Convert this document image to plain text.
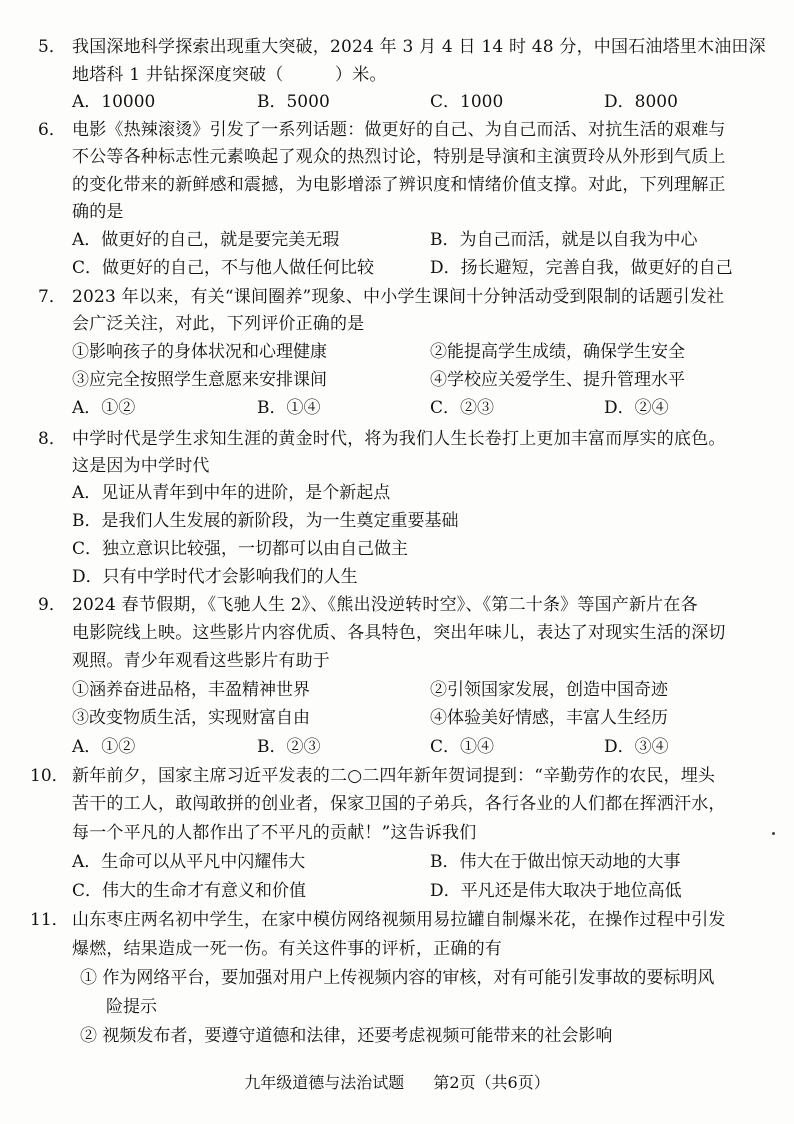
5． 我国深地科学探索出现重大突破，2024 年 3 月 4 日 14 时 48 分，中国石油塔里木油田深
地塔科 1 井钻探深度突破（　　　）米。
A．10000	B．5000	C．1000	D．8000
6． 电影《热辣滚烫》引发了一系列话题：做更好的自己、为自己而活、对抗生活的艰难与
不公等各种标志性元素唤起了观众的热烈讨论，特别是导演和主演贾玲从外形到气质上
的变化带来的新鲜感和震撼，为电影增添了辨识度和情绪价值支撑。对此，下列理解正
确的是
A．做更好的自己，就是要完美无瑕	B．为自己而活，就是以自我为中心
C．做更好的自己，不与他人做任何比较	D．扬长避短，完善自我，做更好的自己
7． 2023 年以来，有关“课间圈养”现象、中小学生课间十分钟活动受到限制的话题引发社
会广泛关注，对此，下列评价正确的是
①影响孩子的身体状况和心理健康	②能提高学生成绩，确保学生安全
③应完全按照学生意愿来安排课间	④学校应关爱学生、提升管理水平
A．①②	B．①④	C．②③	D．②④
8． 中学时代是学生求知生涯的黄金时代，将为我们人生长卷打上更加丰富而厚实的底色。
这是因为中学时代
A．见证从青年到中年的进阶，是个新起点
B．是我们人生发展的新阶段，为一生奠定重要基础
C．独立意识比较强，一切都可以由自己做主
D．只有中学时代才会影响我们的人生
9． 2024 春节假期，《飞驰人生 2》、《熊出没逆转时空》、《第二十条》等国产新片在各
电影院线上映。这些影片内容优质、各具特色，突出年味儿，表达了对现实生活的深切
观照。青少年观看这些影片有助于
①涵养奋进品格，丰盈精神世界	②引领国家发展，创造中国奇迹
③改变物质生活，实现财富自由	④体验美好情感，丰富人生经历
A．①②	B．②③	C．①④	D．③④
10． 新年前夕，国家主席习近平发表的二○二四年新年贺词提到：“辛勤劳作的农民，埋头
苦干的工人，敢闯敢拼的创业者，保家卫国的子弟兵，各行各业的人们都在挥洒汗水，
每一个平凡的人都作出了不平凡的贡献！”这告诉我们
A．生命可以从平凡中闪耀伟大	B．伟大在于做出惊天动地的大事
C．伟大的生命才有意义和价值	D．平凡还是伟大取决于地位高低
11． 山东枣庄两名初中学生，在家中模仿网络视频用易拉罐自制爆米花，在操作过程中引发
爆燃，结果造成一死一伤。有关这件事的评析，正确的有
① 作为网络平台，要加强对用户上传视频内容的审核，对有可能引发事故的要标明风
险提示
② 视频发布者，要遵守道德和法律，还要考虑视频可能带来的社会影响
九年级道德与法治试题 第2页（共6页）
